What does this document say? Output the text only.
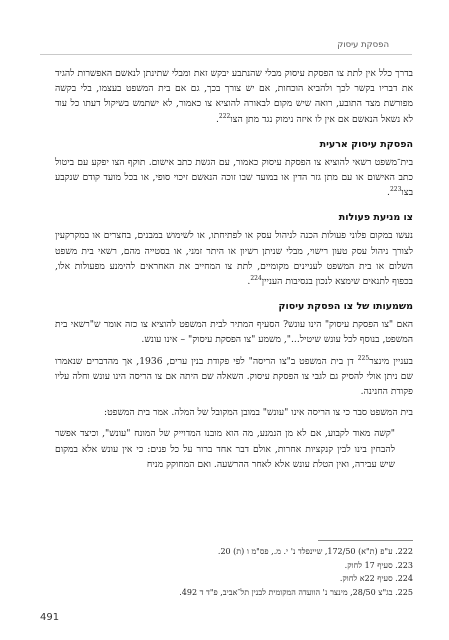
הפסקת עיסוק

בדרך כלל אין לתת צו הפסקת עיסוק מבלי שהנתבע יבקש זאת ומבלי שתינתן לנאשם האפשרות להגיד את דבריו בקשר לכך ולהביא הוכחות, אם יש צורך בכך, גם אם בית המשפט בעצמו, בלי בקשה מפורשת מצד התובע, רואה שיש מקום לבאורה להוציא צו כאמור, לא ישתמש בשיקול דעתו כל עוד לא נשאל הנאשם אם אין לו איזה נימוק נגד מתן הצו$^{222}$.

הפסקת עיסוק ארעית

בית־משפט רשאי להוציא צו הפסקת עיסוק כאמור, עם הגשת כתב אישום. תוקף הצו יפקע עם ביטול כתב האישום או עם מתן גזר הדין או במועד שבו זוכה הנאשם זיכוי סופי, או בכל מועד קודם שנקבע בצו$^{223}$.

צו מניעת פעולות

נעשו במקום פלוני פעולות הכנה לניהול עסק או לפתיחתו, או לשימוש במבנים, בחצרים או במקרקעין לצורך ניהול עסק טעון רישוי, מבלי שניתן רשיון או היתר זמני, או בסטייה מהם, רשאי בית משפט השלום או בית המשפט לעניינים מקומיים, לתת צו המחייב את האחראים להימנע מפעולות אלו, בכפוף לתנאים שימצא לנכון בנסיבות העניין$^{224}$.

משמעותו של צו הפסקת עיסוק

האם "צו הפסקת עיסוק" הינו עונש? הסעיף המתיר לבית המשפט להוציא צו כזה אומר ש"רשאי בית המשפט, בנוסף לכל עונש שיטיל...", משמע "צו הפסקת עיסוק" – אינו עונש.

בעניין מינצר$^{225}$ דן בית המשפט ב"צו הריסה" לפי פקודת בנין ערים, 1936, אך מהדברים שנאמרו שם ניתן אולי להסיק גם לגבי צו הפסקת עיסוק. השאלה שם היתה אם צו הריסה הינו עונש וחלה עליו פקודת החנינה.

בית המשפט סבר כי צו הריסה אינו "עונש" במובן המקובל של המלה. אמר בית המשפט:

"קשה מאוד לקבוע, אם לא מן הנמנע, מה הוא מובנו המדוייק של המונח "עונש", וכיצד אפשר להבחין בינו לבין קנקציות אחרות, אולם דבר אחד ברור על כל פנים: כי אין עונש אלא במקום שיש עבירה, ואין הטלת עונש אלא לאחר ההרשעה. ואם המחוקק מניח

222. ע"פ (ת"א) 172/50, שיינפלד נ' י. מ., פס"מ ו (ת) 20.

223. סעיף 17 לחוק.

224. סעיף 22א לחוק.

225. בג"צ 28/50, מינצר נ' הוועדה המקומית לבנין תל־אביב, פ"ד ד 492.

491
